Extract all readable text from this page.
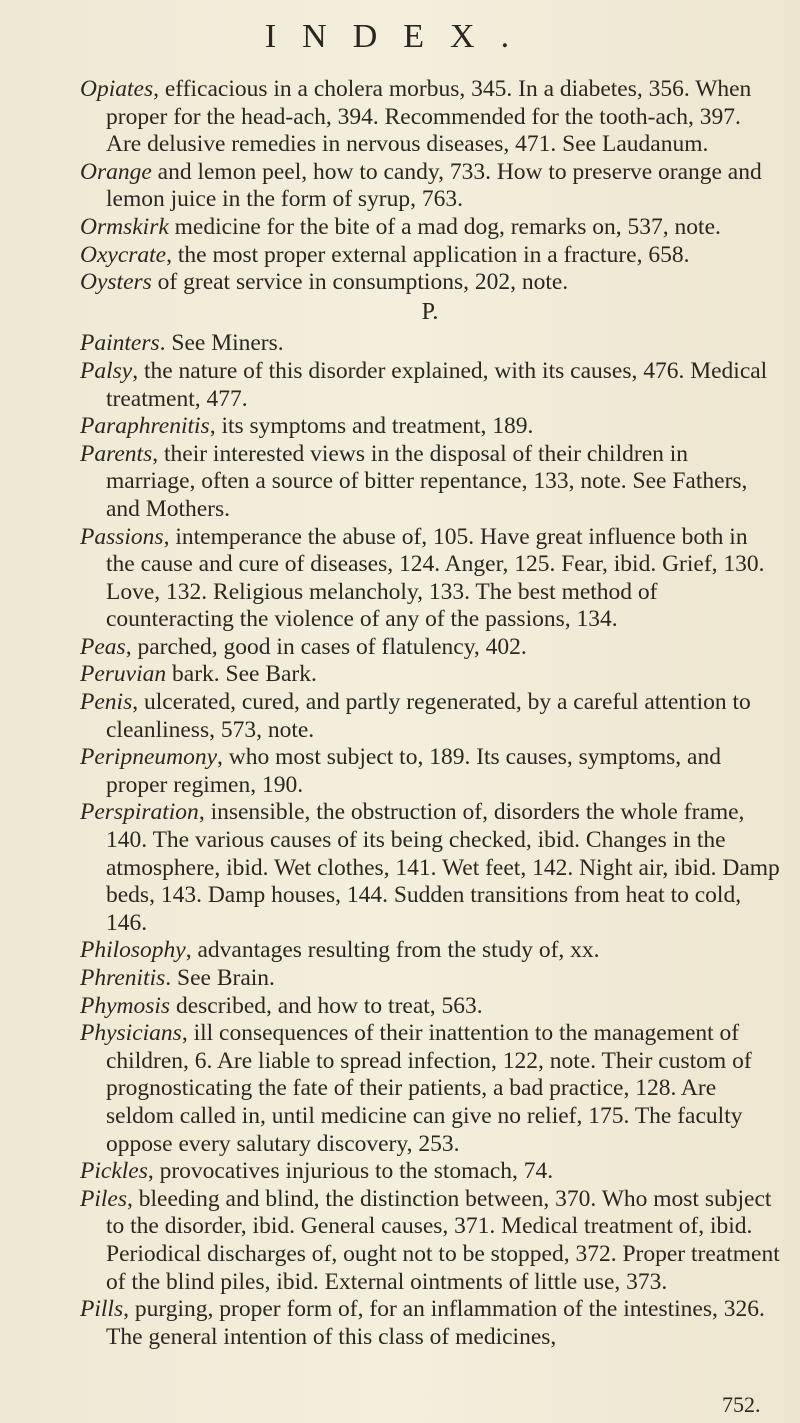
INDEX.

Opiates, efficacious in a cholera morbus, 345. In a diabetes, 356. When proper for the head-ach, 394. Recommended for the tooth-ach, 397. Are delusive remedies in nervous diseases, 471. See Laudanum.

Orange and lemon peel, how to candy, 733. How to preserve orange and lemon juice in the form of syrup, 763.

Ormskirk medicine for the bite of a mad dog, remarks on, 537, note.

Oxycrate, the most proper external application in a fracture, 658.

Oysters of great service in consumptions, 202, note.

P.

Painters. See Miners.

Palsy, the nature of this disorder explained, with its causes, 476. Medical treatment, 477.

Paraphrenitis, its symptoms and treatment, 189.

Parents, their interested views in the disposal of their children in marriage, often a source of bitter repentance, 133, note. See Fathers, and Mothers.

Passions, intemperance the abuse of, 105. Have great influence both in the cause and cure of diseases, 124. Anger, 125. Fear, ibid. Grief, 130. Love, 132. Religious melancholy, 133. The best method of counteracting the violence of any of the passions, 134.

Peas, parched, good in cases of flatulency, 402.

Peruvian bark. See Bark.

Penis, ulcerated, cured, and partly regenerated, by a careful attention to cleanliness, 573, note.

Peripneumony, who most subject to, 189. Its causes, symptoms, and proper regimen, 190.

Perspiration, insensible, the obstruction of, disorders the whole frame, 140. The various causes of its being checked, ibid. Changes in the atmosphere, ibid. Wet clothes, 141. Wet feet, 142. Night air, ibid. Damp beds, 143. Damp houses, 144. Sudden transitions from heat to cold, 146.

Philosophy, advantages resulting from the study of, xx.

Phrenitis. See Brain.

Phymosis described, and how to treat, 563.

Physicians, ill consequences of their inattention to the management of children, 6. Are liable to spread infection, 122, note. Their custom of prognosticating the fate of their patients, a bad practice, 128. Are seldom called in, until medicine can give no relief, 175. The faculty oppose every salutary discovery, 253.

Pickles, provocatives injurious to the stomach, 74.

Piles, bleeding and blind, the distinction between, 370. Who most subject to the disorder, ibid. General causes, 371. Medical treatment of, ibid. Periodical discharges of, ought not to be stopped, 372. Proper treatment of the blind piles, ibid. External ointments of little use, 373.

Pills, purging, proper form of, for an inflammation of the intestines, 326. The general intention of this class of medicines,

752.
